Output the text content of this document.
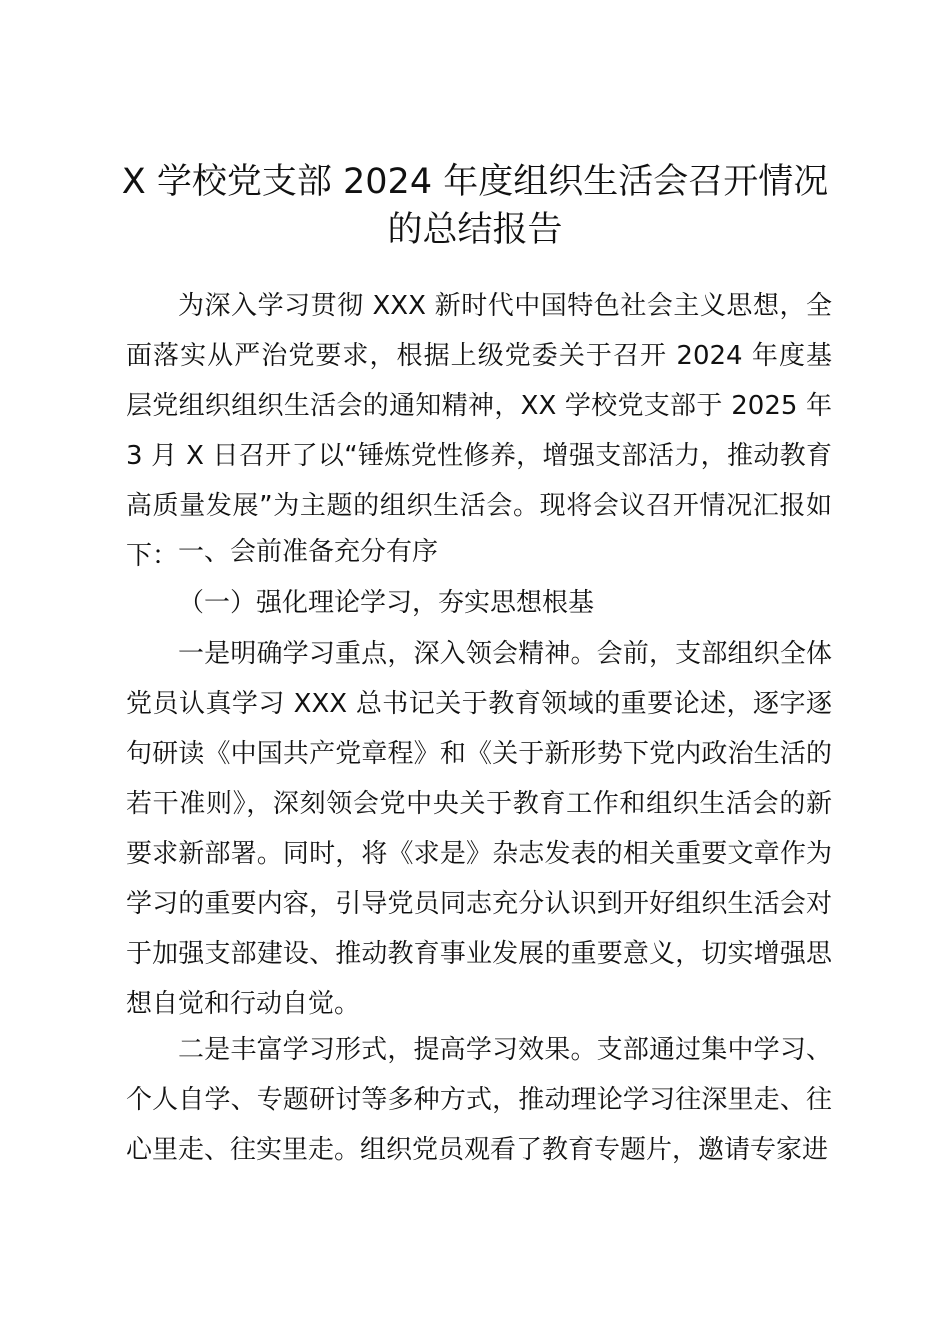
X 学校党支部 2024 年度组织生活会召开情况的总结报告

为深入学习贯彻 XXX 新时代中国特色社会主义思想，全面落实从严治党要求，根据上级党委关于召开 2024 年度基层党组织组织生活会的通知精神，XX 学校党支部于 2025 年 3 月 X 日召开了以“锤炼党性修养，增强支部活力，推动教育高质量发展”为主题的组织生活会。现将会议召开情况汇报如下： 一、会前准备充分有序

（一）强化理论学习，夯实思想根基

一是明确学习重点，深入领会精神。会前，支部组织全体党员认真学习 XXX 总书记关于教育领域的重要论述，逐字逐句研读《中国共产党章程》和《关于新形势下党内政治生活的若干准则》，深刻领会党中央关于教育工作和组织生活会的新要求新部署。同时，将《求是》杂志发表的相关重要文章作为学习的重要内容，引导党员同志充分认识到开好组织生活会对于加强支部建设、推动教育事业发展的重要意义，切实增强思想自觉和行动自觉。

二是丰富学习形式，提高学习效果。支部通过集中学习、个人自学、专题研讨等多种方式，推动理论学习往深里走、往心里走、往实里走。组织党员观看了教育专题片，邀请专家进
